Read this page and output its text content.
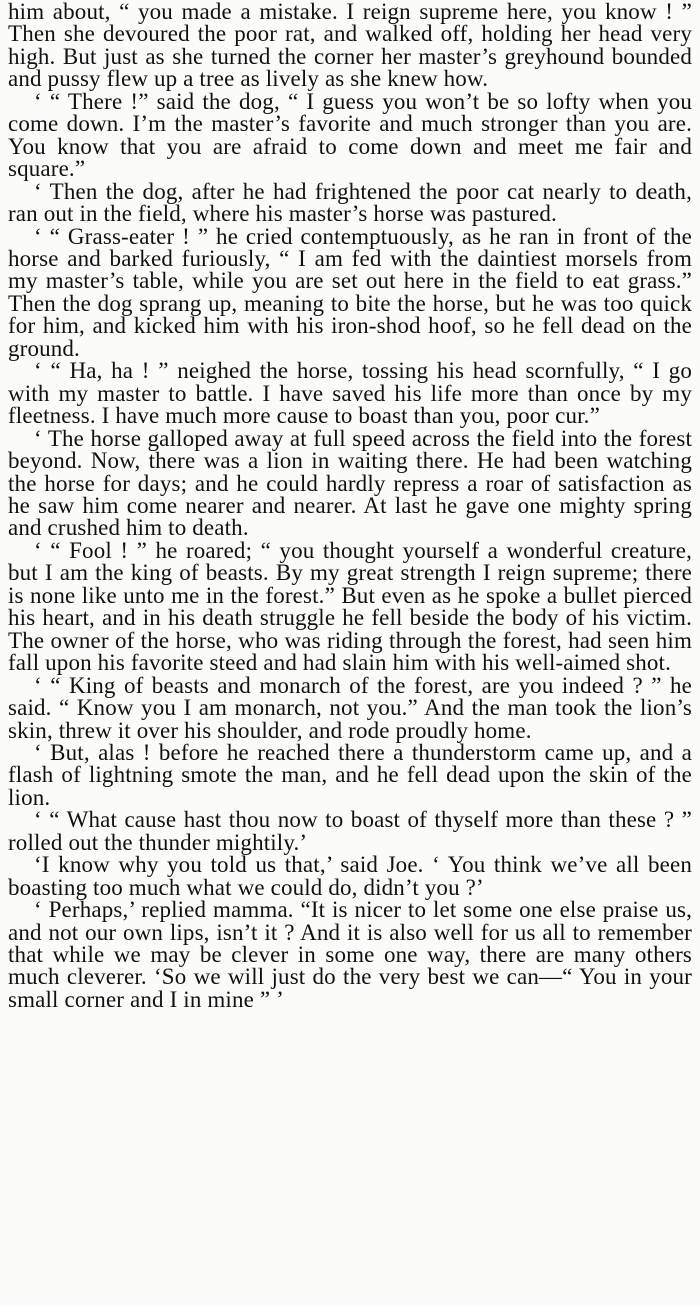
him about, “ you made a mistake. I reign supreme here, you know ! ” Then she devoured the poor rat, and walked off, holding her head very high. But just as she turned the corner her master’s greyhound bounded and pussy flew up a tree as lively as she knew how.

‘ “ There !” said the dog, “ I guess you won’t be so lofty when you come down. I’m the master’s favorite and much stronger than you are. You know that you are afraid to come down and meet me fair and square.”

‘ Then the dog, after he had frightened the poor cat nearly to death, ran out in the field, where his master’s horse was pastured.

‘ “ Grass-eater ! ” he cried contemptuously, as he ran in front of the horse and barked furiously, “ I am fed with the daintiest morsels from my master’s table, while you are set out here in the field to eat grass.” Then the dog sprang up, meaning to bite the horse, but he was too quick for him, and kicked him with his iron-shod hoof, so he fell dead on the ground.

‘ “ Ha, ha ! ” neighed the horse, tossing his head scornfully, “ I go with my master to battle. I have saved his life more than once by my fleetness. I have much more cause to boast than you, poor cur.”

‘ The horse galloped away at full speed across the field into the forest beyond. Now, there was a lion in waiting there. He had been watching the horse for days; and he could hardly repress a roar of satisfaction as he saw him come nearer and nearer. At last he gave one mighty spring and crushed him to death.

‘ “ Fool ! ” he roared; “ you thought yourself a wonderful creature, but I am the king of beasts. By my great strength I reign supreme; there is none like unto me in the forest.” But even as he spoke a bullet pierced his heart, and in his death struggle he fell beside the body of his victim. The owner of the horse, who was riding through the forest, had seen him fall upon his favorite steed and had slain him with his well-aimed shot.

‘ “ King of beasts and monarch of the forest, are you indeed ? ” he said. “ Know you I am monarch, not you.” And the man took the lion’s skin, threw it over his shoulder, and rode proudly home.

‘ But, alas ! before he reached there a thunderstorm came up, and a flash of lightning smote the man, and he fell dead upon the skin of the lion.

‘ “ What cause hast thou now to boast of thyself more than these ? ” rolled out the thunder mightily.’

‘I know why you told us that,’ said Joe. ‘ You think we’ve all been boasting too much what we could do, didn’t you ?’

‘ Perhaps,’ replied mamma. “It is nicer to let some one else praise us, and not our own lips, isn’t it ? And it is also well for us all to remember that while we may be clever in some one way, there are many others much cleverer. ‘So we will just do the very best we can—“ You in your small corner and I in mine ” ’
